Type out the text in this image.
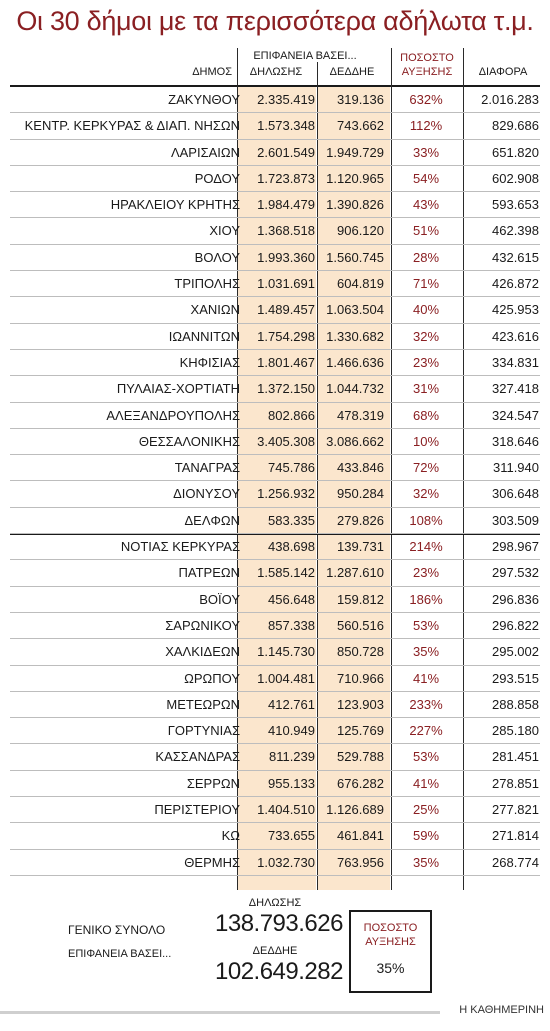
Οι 30 δήμοι με τα περισσότερα αδήλωτα τ.μ.
ΕΠΙΦΑΝΕΙΑ ΒΑΣΕΙ...
ΔΗΜΟΣ	ΔΗΛΩΣΗΣ	ΔΕΔΔΗΕ
ΠΟΣΟΣΤΟ
ΑΥΞΗΣΗΣ	ΔΙΑΦΟΡΑ
ΖΑΚΥΝΘΟΥ	2.335.419	319.136	632%	2.016.283
ΚΕΝΤΡ. ΚΕΡΚΥΡΑΣ & ΔΙΑΠ. ΝΗΣΩΝ	1.573.348	743.662	112%	829.686
ΛΑΡΙΣΑΙΩΝ	2.601.549 1.949.729	33%	651.820
ΡΟΔΟΥ	1.723.873 1.120.965	54%	602.908
ΗΡΑΚΛΕΙΟΥ ΚΡΗΤΗΣ	1.984.479 1.390.826	43%	593.653
ΧΙΟΥ	1.368.518	906.120	51%	462.398
ΒΟΛΟΥ	1.993.360 1.560.745	28%	432.615
ΤΡΙΠΟΛΗΣ	1.031.691	604.819	71%	426.872
ΧΑΝΙΩΝ	1.489.457 1.063.504	40%	425.953
ΙΩΑΝΝΙΤΩΝ	1.754.298 1.330.682	32%	423.616
ΚΗΦΙΣΙΑΣ	1.801.467 1.466.636	23%	334.831
ΠΥΛΑΙΑΣ-ΧΟΡΤΙΑΤΗ	1.372.150 1.044.732	31%	327.418
ΑΛΕΞΑΝΔΡΟΥΠΟΛΗΣ	802.866	478.319	68%	324.547
ΘΕΣΣΑΛΟΝΙΚΗΣ	3.405.308 3.086.662	10%	318.646
ΤΑΝΑΓΡΑΣ	745.786	433.846	72%	311.940
ΔΙΟΝΥΣΟΥ	1.256.932	950.284	32%	306.648
ΔΕΛΦΩΝ	583.335	279.826	108%	303.509
ΝΟΤΙΑΣ ΚΕΡΚΥΡΑΣ	438.698	139.731	214%	298.967
ΠΑΤΡΕΩΝ	1.585.142 1.287.610	23%	297.532
ΒΟΪΟΥ	456.648	159.812	186%	296.836
ΣΑΡΩΝΙΚΟΥ	857.338	560.516	53%	296.822
ΧΑΛΚΙΔΕΩΝ	1.145.730	850.728	35%	295.002
ΩΡΩΠΟΥ	1.004.481	710.966	41%	293.515
ΜΕΤΕΩΡΩΝ	412.761	123.903	233%	288.858
ΓΟΡΤΥΝΙΑΣ	410.949	125.769	227%	285.180
ΚΑΣΣΑΝΔΡΑΣ	811.239	529.788	53%	281.451
ΣΕΡΡΩΝ	955.133	676.282	41%	278.851
ΠΕΡΙΣΤΕΡΙΟΥ	1.404.510 1.126.689	25%	277.821
ΚΩ	733.655	461.841	59%	271.814
ΘΕΡΜΗΣ	1.032.730	763.956	35%	268.774
ΓΕΝΙΚΟ ΣΥΝΟΛΟ
ΕΠΙΦΑΝΕΙΑ ΒΑΣΕΙ...
ΔΗΛΩΣΗΣ
138.793.626
ΔΕΔΔΗΕ
102.649.282
ΠΟΣΟΣΤΟ
ΑΥΞΗΣΗΣ
35%
Η ΚΑΘΗΜΕΡΙΝΗ
